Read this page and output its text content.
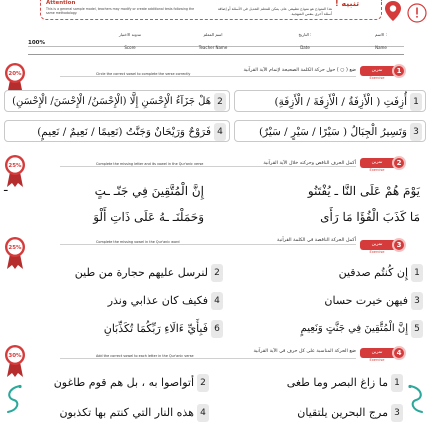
Attention
This is a general sample model, teachers may modify or create additional tests following the same methodology.
هذا النموذج هو نموذج تطبيقي عام، يمكن للمعلم التعديل في الأسئلة أو إضافة أسئلة أخرى بنفس المنهجية.
تنبيه !
100%
مدونة الاختبار	اسم المعلم	التاريخ :	الاسم :
Score	Teacher Name	Date	Name
20%	Circle the correct vowel to complete the verse correctly
ضع ( ○ ) حول حركة الكلمة الصحيحة لإتمام الآية القرآنية	تمرين
Exercise
1
هَلْ جَزَآءُ الْإِحْسَنِ إِلَّا (الْإِحْسَنُ/ الْإِحْسَنَ/ الْإِحْسَنِ) 2	أُزِفَتِ ( الْأَزِفَةُ / الْأَزِفَةَ / الْأَزِفَةِ) 1
فَرَوْحٌ وَرَيْحَانٌ وَجَنَّتُ (نَعِيمًا / نَعِيمٌ / نَعِيمٍ) 4	وَتَسِيرُ الْجِبَالُ ( سَيْرًا / سَيْرٍ / سَيْرٌ) 3
25%	Complete the missing letter and its vowel in the Qur'anic verse	أكمل الحرف الناقص وحركته خلال الآية القرآنية	تمرين
Exercise
2
إِنَّ الْمُتَّقِينَ فِي جَنّـ ـتٍ	يَوْمَ هُمْ عَلَى النَّا ـ يُفْتَنُو
ـ
وَحَمَلْنَـ ـهُ عَلَى ذَاتِ أَلْوَ	مَا كَذَبَ الْفُؤَا مَا رَأَى
25%
Complete the missing vowel in the Qur'anic word	أكمل الحركة الناقصة في الكلمة القرآنية
تمرين
Exercise
3
لنرسل عليهم حجارة من طين 2	إِن كُنتُم صدقين 1
فكيف كان عذابي ونذر 4	فيهن خيرت حسان 3
فَبِأَيِّ ءَالَاءِ رَبِّكُمَا تُكَذِّبَانِ 6	إِنَّ الْمُتَّقِينَ فِي جَنَّتٍ وَنَعِيمٍ 5
30%	Add the correct vowel to each letter in the Qur'anic verse
ضع الحركة المناسبة على كل حرف في الآية القرآنية	تمرين
Exercise
4
أتواصوا به ، بل هم قوم طاغون 2	ما زاغ البصر وما طغى 1
هذه النار التي كنتم بها تكذبون 4	مرج البحرين يلتقيان 3
